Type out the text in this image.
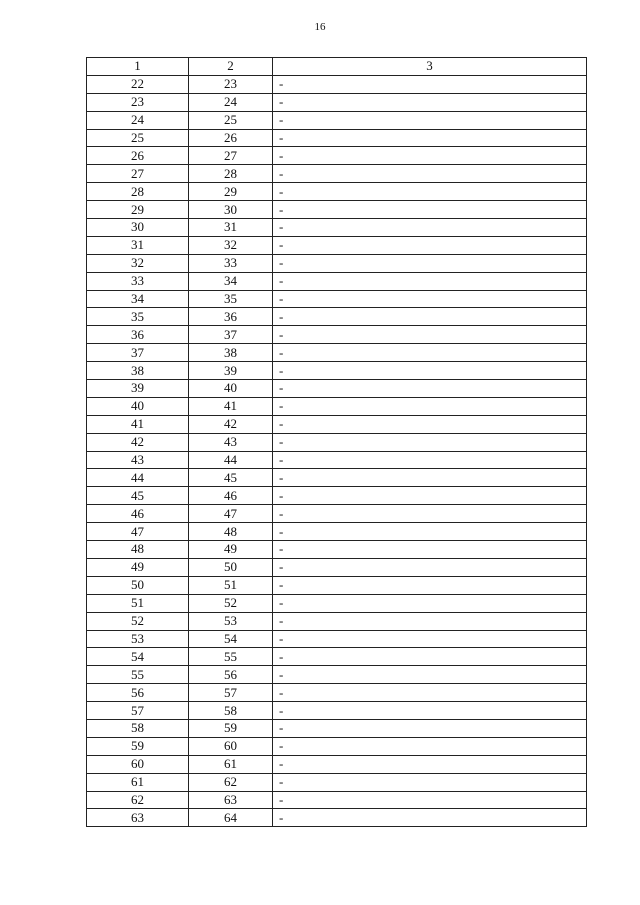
16
1	2	3
22	23	-
23	24	-
24	25	-
25	26	-
26	27	-
27	28	-
28	29	-
29	30	-
30	31	-
31	32	-
32	33	-
33	34	-
34	35	-
35	36	-
36	37	-
37	38	-
38	39	-
39	40	-
40	41	-
41	42	-
42	43	-
43	44	-
44	45	-
45	46	-
46	47	-
47	48	-
48	49	-
49	50	-
50	51	-
51	52	-
52	53	-
53	54	-
54	55	-
55	56	-
56	57	-
57	58	-
58	59	-
59	60	-
60	61	-
61	62	-
62	63	-
63	64	-
